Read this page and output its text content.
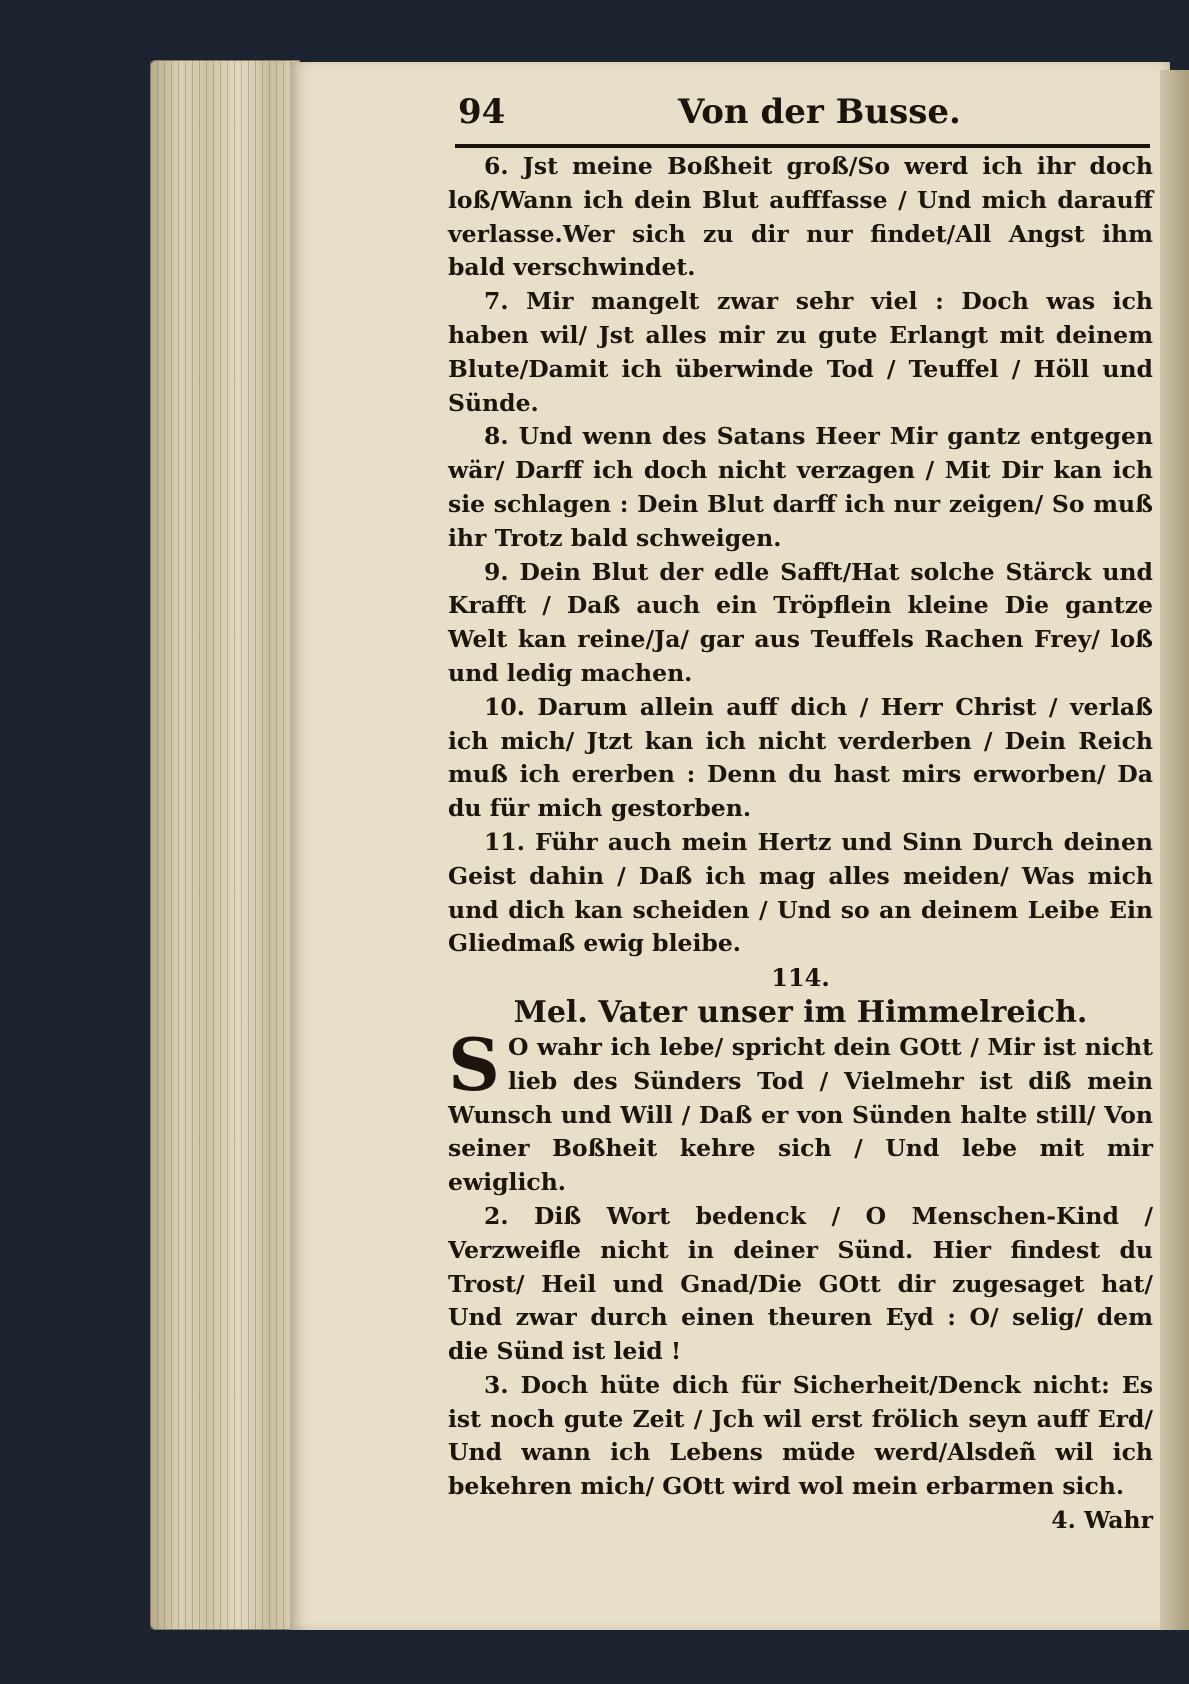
94	Von der Busse.

6. Jst meine Boßheit groß/So werd ich ihr doch loß/Wann ich dein Blut aufffasse / Und mich darauff verlasse.Wer sich zu dir nur findet/All Angst ihm bald verschwindet.

7. Mir mangelt zwar sehr viel : Doch was ich haben wil/ Jst alles mir zu gute Erlangt mit deinem Blute/Damit ich überwinde Tod / Teuffel / Höll und Sünde.

8. Und wenn des Satans Heer Mir gantz entgegen wär/ Darff ich doch nicht verzagen / Mit Dir kan ich sie schlagen : Dein Blut darff ich nur zeigen/ So muß ihr Trotz bald schweigen.

9. Dein Blut der edle Safft/Hat solche Stärck und Krafft / Daß auch ein Tröpflein kleine Die gantze Welt kan reine/Ja/ gar aus Teuffels Rachen Frey/ loß und ledig machen.

10. Darum allein auff dich / Herr Christ / verlaß ich mich/ Jtzt kan ich nicht verderben / Dein Reich muß ich ererben : Denn du hast mirs erworben/ Da du für mich gestorben.

11. Führ auch mein Hertz und Sinn Durch deinen Geist dahin / Daß ich mag alles meiden/ Was mich und dich kan scheiden / Und so an deinem Leibe Ein Gliedmaß ewig bleibe.

114.

Mel. Vater unser im Himmelreich.

S O wahr ich lebe/ spricht dein GOtt / Mir ist nicht lieb des Sünders Tod / Vielmehr ist diß mein Wunsch und Will / Daß er von Sünden halte still/ Von seiner Boßheit kehre sich / Und lebe mit mir ewiglich.

2. Diß Wort bedenck / O Menschen-Kind / Verzweifle nicht in deiner Sünd. Hier findest du Trost/ Heil und Gnad/Die GOtt dir zugesaget hat/ Und zwar durch einen theuren Eyd : O/ selig/ dem die Sünd ist leid !

3. Doch hüte dich für Sicherheit/Denck nicht: Es ist noch gute Zeit / Jch wil erst frölich seyn auff Erd/ Und wann ich Lebens müde werd/Alsdeñ wil ich bekehren mich/ GOtt wird wol mein erbarmen sich.

4. Wahr
